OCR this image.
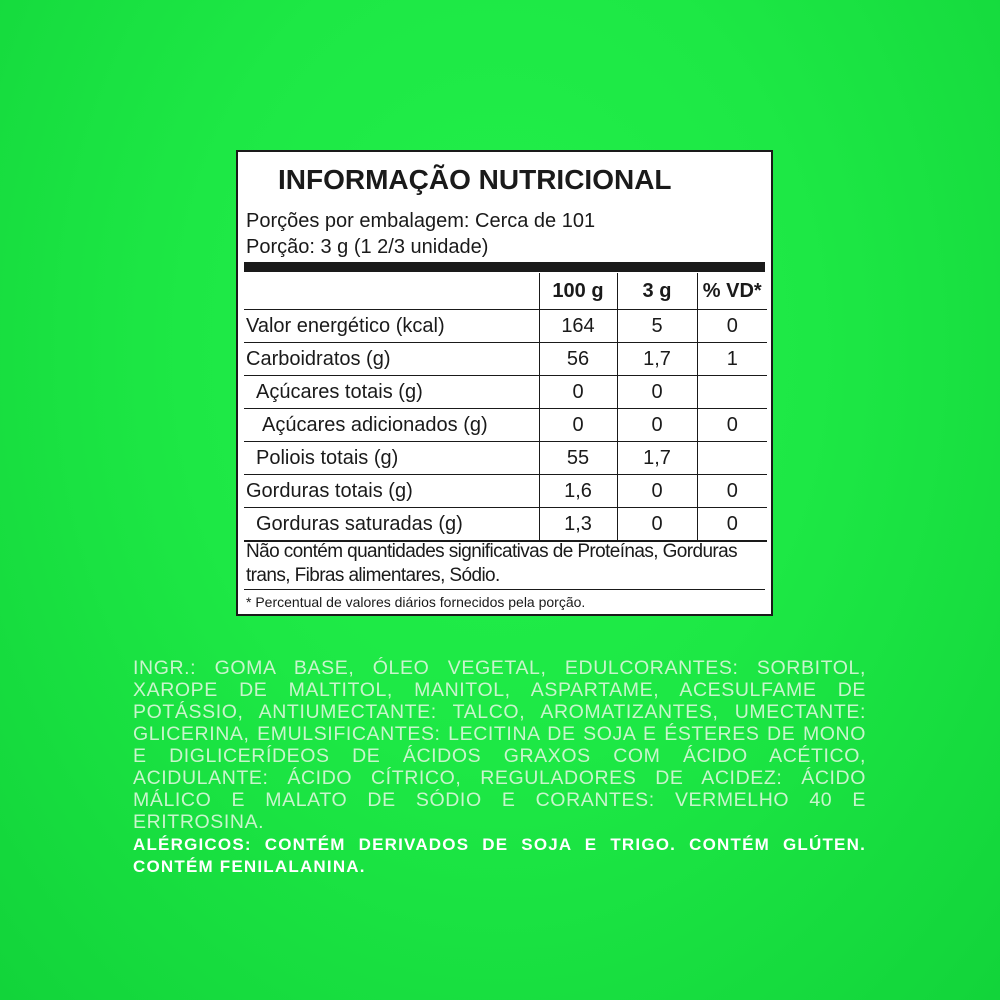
INFORMAÇÃO NUTRICIONAL
Porções por embalagem: Cerca de 101
Porção: 3 g (1 2/3 unidade)
	100 g	3 g	% VD*
Valor energético (kcal)	164	5	0
Carboidratos (g)	56	1,7	1
Açúcares totais (g)	0	0	
Açúcares adicionados (g)	0	0	0
Poliois totais (g)	55	1,7	
Gorduras totais (g)	1,6	0	0
Gorduras saturadas (g)	1,3	0	0
Não contém quantidades significativas de Proteínas, Gorduras trans, Fibras alimentares, Sódio.
* Percentual de valores diários fornecidos pela porção.
INGR.: GOMA BASE, ÓLEO VEGETAL, EDULCORANTES: SORBITOL, XAROPE DE MALTITOL, MANITOL, ASPARTAME, ACESULFAME DE POTÁSSIO, ANTIUMECTANTE: TALCO, AROMATIZANTES, UMECTANTE: GLICERINA, EMULSIFICANTES: LECITINA DE SOJA E ÉSTERES DE MONO E DIGLICERÍDEOS DE ÁCIDOS GRAXOS COM ÁCIDO ACÉTICO, ACIDULANTE: ÁCIDO CÍTRICO, REGULADORES DE ACIDEZ: ÁCIDO MÁLICO E MALATO DE SÓDIO E CORANTES: VERMELHO 40 E ERITROSINA.
ALÉRGICOS: CONTÉM DERIVADOS DE SOJA E TRIGO. CONTÉM GLÚTEN. CONTÉM FENILALANINA.
